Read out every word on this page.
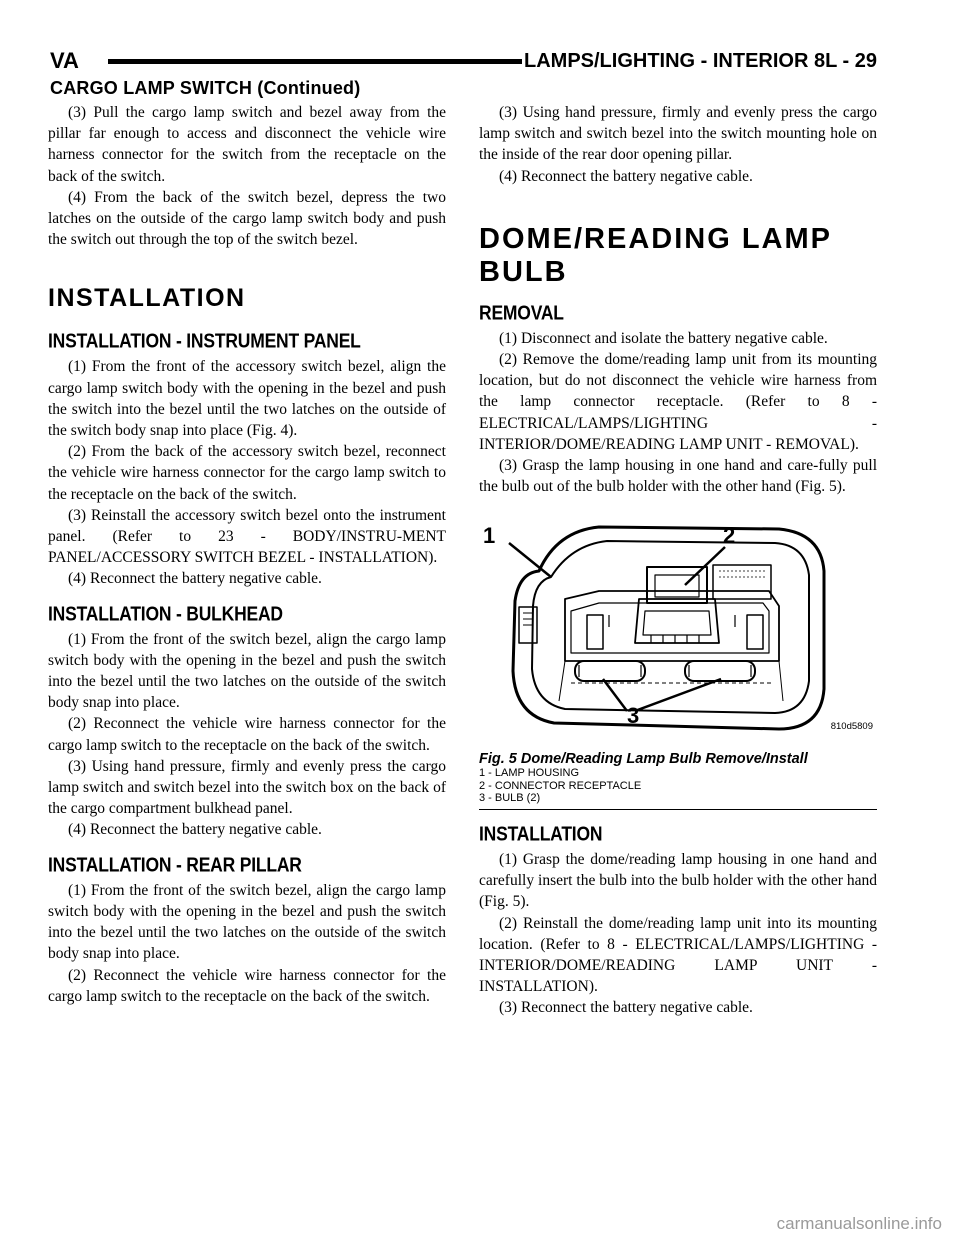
VA	LAMPS/LIGHTING - INTERIOR 8L - 29
CARGO LAMP SWITCH (Continued)

(3) Pull the cargo lamp switch and bezel away from the pillar far enough to access and disconnect the vehicle wire harness connector for the switch from the receptacle on the back of the switch.

(4) From the back of the switch bezel, depress the two latches on the outside of the cargo lamp switch body and push the switch out through the top of the switch bezel.

INSTALLATION
INSTALLATION - INSTRUMENT PANEL

(1) From the front of the accessory switch bezel, align the cargo lamp switch body with the opening in the bezel and push the switch into the bezel until the two latches on the outside of the switch body snap into place (Fig. 4).

(2) From the back of the accessory switch bezel, reconnect the vehicle wire harness connector for the cargo lamp switch to the receptacle on the back of the switch.

(3) Reinstall the accessory switch bezel onto the instrument panel. (Refer to 23 - BODY/INSTRU-MENT PANEL/ACCESSORY SWITCH BEZEL - INSTALLATION).

(4) Reconnect the battery negative cable.

INSTALLATION - BULKHEAD

(1) From the front of the switch bezel, align the cargo lamp switch body with the opening in the bezel and push the switch into the bezel until the two latches on the outside of the switch body snap into place.

(2) Reconnect the vehicle wire harness connector for the cargo lamp switch to the receptacle on the back of the switch.

(3) Using hand pressure, firmly and evenly press the cargo lamp switch and switch bezel into the switch box on the back of the cargo compartment bulkhead panel.

(4) Reconnect the battery negative cable.

INSTALLATION - REAR PILLAR

(1) From the front of the switch bezel, align the cargo lamp switch body with the opening in the bezel and push the switch into the bezel until the two latches on the outside of the switch body snap into place.

(2) Reconnect the vehicle wire harness connector for the cargo lamp switch to the receptacle on the back of the switch.

(3) Using hand pressure, firmly and evenly press the cargo lamp switch and switch bezel into the switch mounting hole on the inside of the rear door opening pillar.

(4) Reconnect the battery negative cable.

DOME/READING LAMP BULB
REMOVAL

(1) Disconnect and isolate the battery negative cable.

(2) Remove the dome/reading lamp unit from its mounting location, but do not disconnect the vehicle wire harness from the lamp connector receptacle. (Refer to 8 - ELECTRICAL/LAMPS/LIGHTING - INTERIOR/DOME/READING LAMP UNIT - REMOVAL).

(3) Grasp the lamp housing in one hand and care-fully pull the bulb out of the bulb holder with the other hand (Fig. 5).

1	2
3	810d5809
Fig. 5 Dome/Reading Lamp Bulb Remove/Install
1 - LAMP HOUSING
2 - CONNECTOR RECEPTACLE
3 - BULB (2)
INSTALLATION

(1) Grasp the dome/reading lamp housing in one hand and carefully insert the bulb into the bulb holder with the other hand (Fig. 5).

(2) Reinstall the dome/reading lamp unit into its mounting location. (Refer to 8 - ELECTRICAL/LAMPS/LIGHTING - INTERIOR/DOME/READING LAMP UNIT - INSTALLATION).

(3) Reconnect the battery negative cable.

carmanualsonline.info
